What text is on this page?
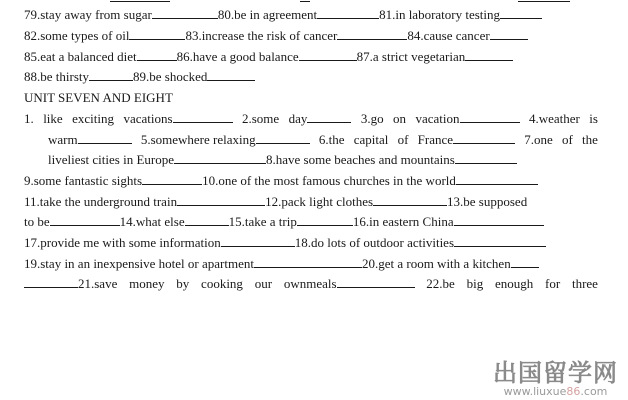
79.stay away from sugar	80.be in agreement	81.in laboratory testing
82.some types of oil	83.increase the risk of cancer	84.cause cancer
85.eat a balanced diet	86.have a good balance	87.a strict vegetarian
88.be thirsty	89.be shocked
UNIT SEVEN AND EIGHT
1. like exciting vacations	2.some day	3.go on vacation	4.weather is
warm	5.somewhere relaxing	6.the capital of France	7.one of the
liveliest cities in Europe	8.have some beaches and mountains
9.some fantastic sights	10.one of the most famous churches in the world
11.take the underground train	12.pack light clothes	13.be supposed
to be	14.what else	15.take a trip	16.in eastern China
17.provide me with some information	18.do lots of outdoor activities
19.stay in an inexpensive hotel or apartment	20.get a room with a kitchen
21.save money by cooking our ownmeals	22.be big enough for three
出国留学网
www.liuxue86.com
